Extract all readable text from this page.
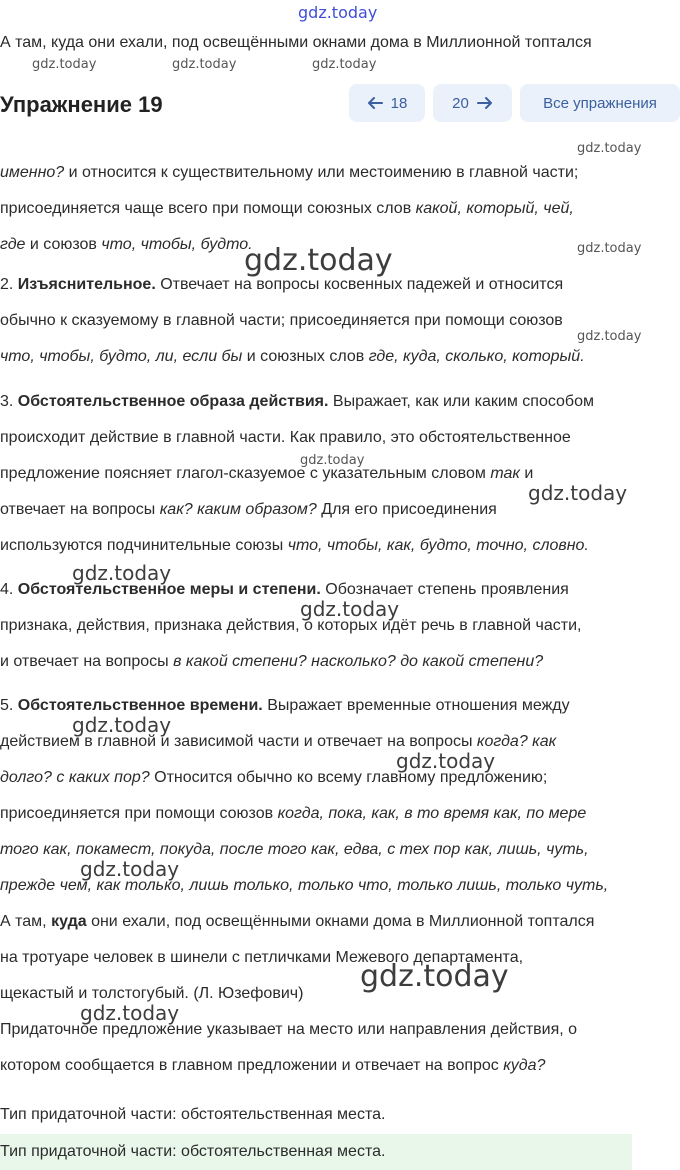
gdz.today
gdz.today	gdz.today	gdz.today
gdz.today
gdz.today
gdz.today
gdz.today
gdz.today
gdz.today
gdz.today
gdz.today
gdz.today
gdz.today
gdz.today
gdz.today
gdz.today
А там, куда они ехали, под освещёнными окнами дома в Миллионной топтался
Упражнение 19	18	20	Все упражнения

именно? и относится к существительному или местоимению в главной части;
присоединяется чаще всего при помощи союзных слов какой, который, чей,
где и союзов что, чтобы, будто.

2. Изъяснительное. Отвечает на вопросы косвенных падежей и относится
обычно к сказуемому в главной части; присоединяется при помощи союзов
что, чтобы, будто, ли, если бы и союзных слов где, куда, сколько, который.

3. Обстоятельственное образа действия. Выражает, как или каким способом
происходит действие в главной части. Как правило, это обстоятельственное
предложение поясняет глагол-сказуемое с указательным словом так и
отвечает на вопросы как? каким образом? Для его присоединения
используются подчинительные союзы что, чтобы, как, будто, точно, словно.

4. Обстоятельственное меры и степени. Обозначает степень проявления
признака, действия, признака действия, о которых идёт речь в главной части,
и отвечает на вопросы в какой степени? насколько? до какой степени?

5. Обстоятельственное времени. Выражает временные отношения между
действием в главной и зависимой части и отвечает на вопросы когда? как
долго? с каких пор? Относится обычно ко всему главному предложению;
присоединяется при помощи союзов когда, пока, как, в то время как, по мере
того как, покамест, покуда, после того как, едва, с тех пор как, лишь, чуть,
прежде чем, как только, лишь только, только что, только лишь, только чуть,

А там, куда они ехали, под освещёнными окнами дома в Миллионной топтался
на тротуаре человек в шинели с петличками Межевого департамента,
щекастый и толстогубый. (Л. Юзефович)

Придаточное предложение указывает на место или направления действия, о
котором сообщается в главном предложении и отвечает на вопрос куда?

Тип придаточной части: обстоятельственная места.
Тип придаточной части: обстоятельственная места.
